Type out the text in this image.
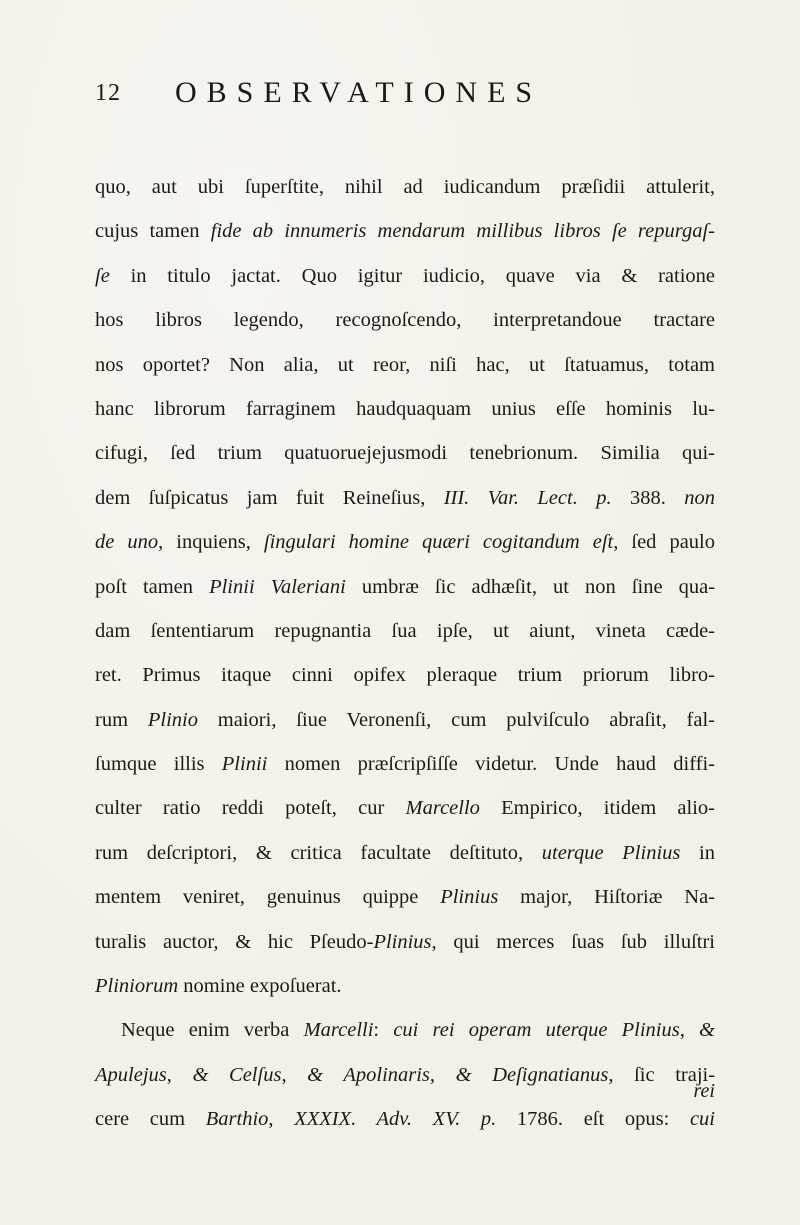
12 OBSERVATIONES
quo, aut ubi ſuperſtite, nihil ad iudicandum præſidii attulerit,
cujus tamen fide ab innumeris mendarum millibus libros ſe repurgaſ-
ſe in titulo jactat. Quo igitur iudicio, quave via & ratione
hos libros legendo, recognoſcendo, interpretandoue tractare
nos oportet? Non alia, ut reor, niſi hac, ut ſtatuamus, totam
hanc librorum farraginem haudquaquam unius eſſe hominis lu-
cifugi, ſed trium quatuoruejejusmodi tenebrionum. Similia qui-
dem ſuſpicatus jam fuit Reineſius, III. Var. Lect. p. 388. non
de uno, inquiens, ſingulari homine quæri cogitandum eſt, ſed paulo
poſt tamen Plinii Valeriani umbræ ſic adhæſit, ut non ſine qua-
dam ſententiarum repugnantia ſua ipſe, ut aiunt, vineta cæde-
ret. Primus itaque cinni opifex pleraque trium priorum libro-
rum Plinio maiori, ſiue Veronenſi, cum pulviſculo abraſit, fal-
ſumque illis Plinii nomen præſcripſiſſe videtur. Unde haud diffi-
culter ratio reddi poteſt, cur Marcello Empirico, itidem alio-
rum deſcriptori, & critica facultate deſtituto, uterque Plinius in
mentem veniret, genuinus quippe Plinius major, Hiſtoriæ Na-
turalis auctor, & hic Pſeudo-Plinius, qui merces ſuas ſub illuſtri
Pliniorum nomine expoſuerat.
Neque enim verba Marcelli: cui rei operam uterque Plinius, &
Apulejus, & Celſus, & Apolinaris, & Deſignatianus, ſic traji-
cere cum Barthio, XXXIX. Adv. XV. p. 1786. eſt opus: cui
rei
